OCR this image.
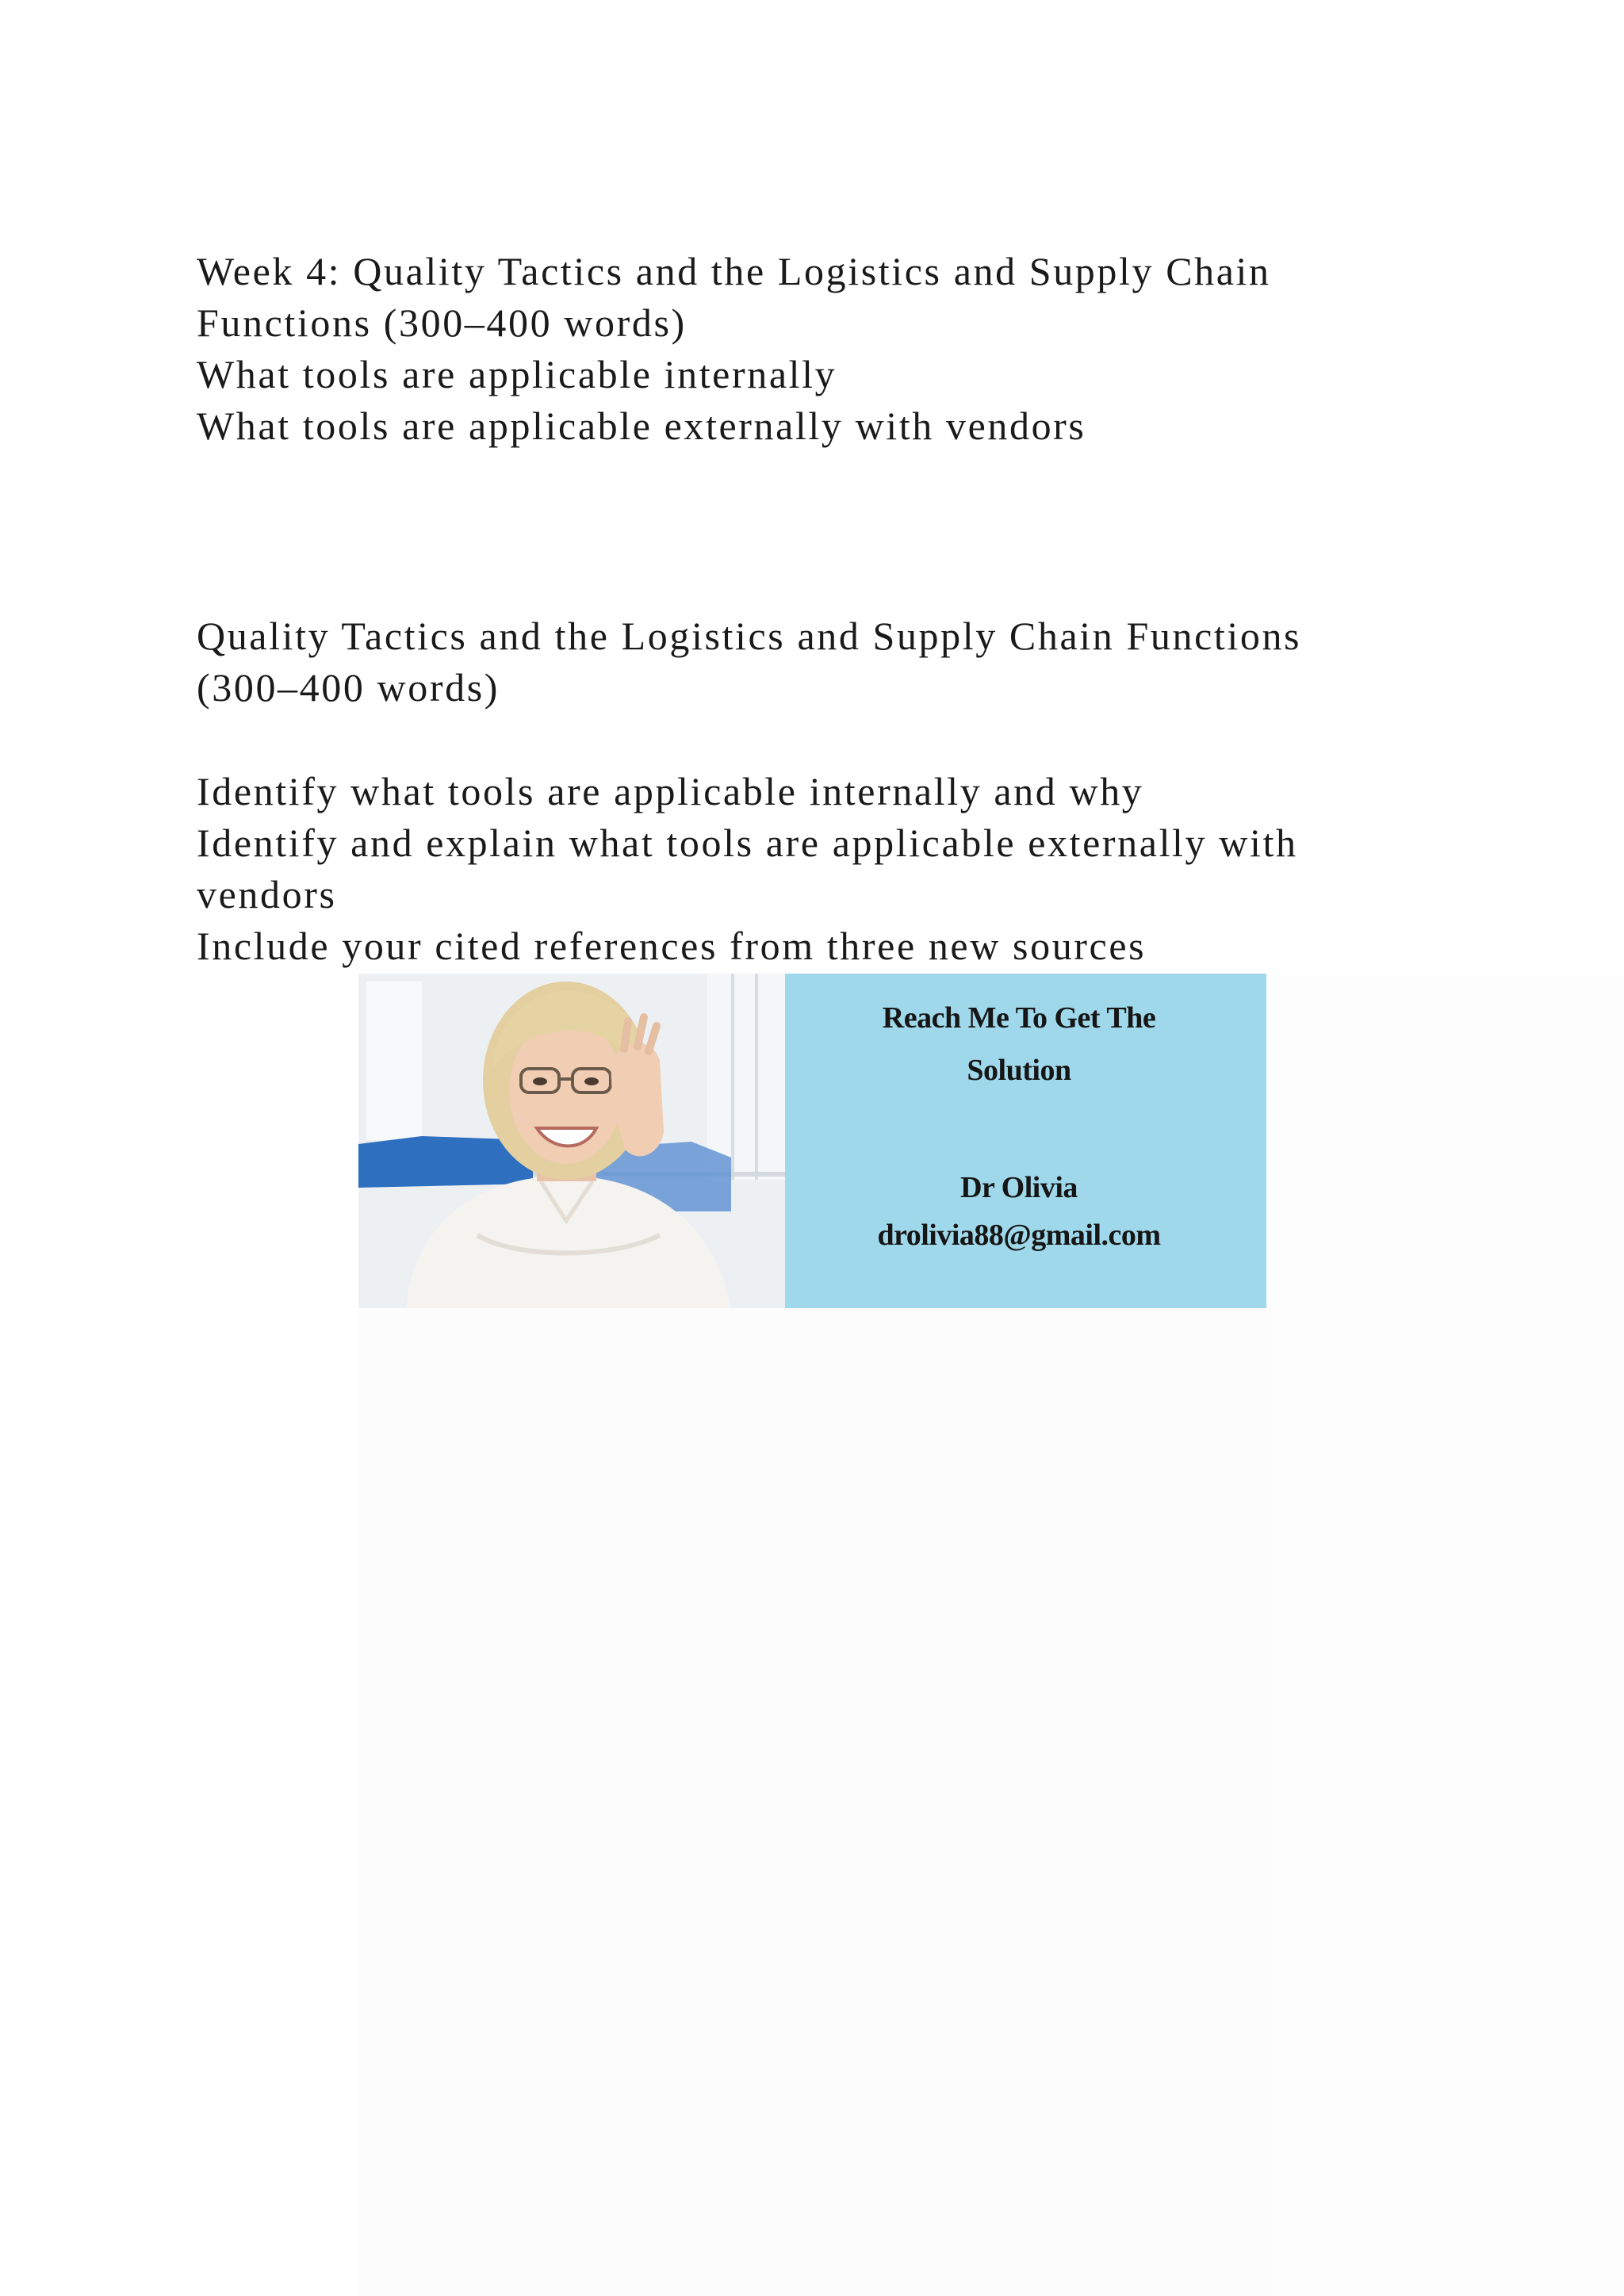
Week 4: Quality Tactics and the Logistics and Supply Chain
Functions (300–400 words)
What tools are applicable internally
What tools are applicable externally with vendors
Quality Tactics and the Logistics and Supply Chain Functions
(300–400 words)
Identify what tools are applicable internally and why
Identify and explain what tools are applicable externally with
vendors
Include your cited references from three new sources
Reach Me To Get The
Solution
Dr Olivia
drolivia88@gmail.com
